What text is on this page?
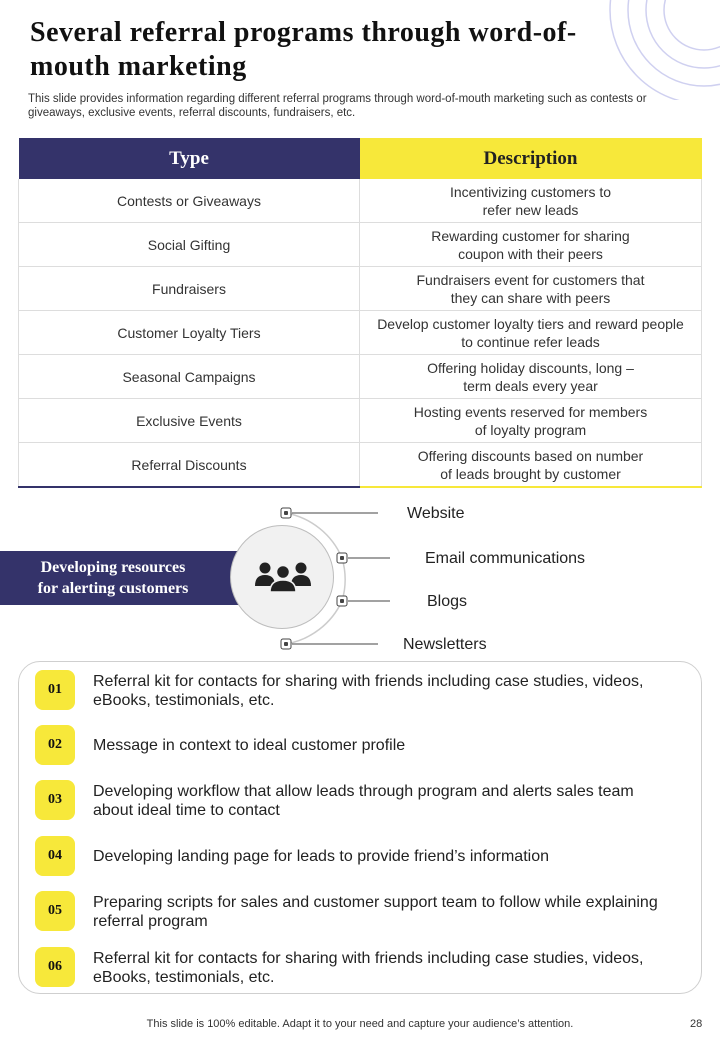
Several referral programs through word-of-mouth marketing
This slide provides information regarding different referral programs through word-of-mouth marketing such as contests or giveaways, exclusive events, referral discounts, fundraisers, etc.
Type	Description
Contests or Giveaways	Incentivizing customers to
refer new leads

Social Gifting	Rewarding customer for sharing
coupon with their peers

Fundraisers	Fundraisers event for customers that
they can share with peers

Customer Loyalty Tiers	Develop customer loyalty tiers and reward people
to continue refer leads

Seasonal Campaigns	Offering holiday discounts, long –
term deals every year

Exclusive Events	Hosting events reserved for members
of loyalty program

Referral Discounts	Offering discounts based on number
of leads brought by customer
Developing resources
for alerting customers
Website
Email communications
Blogs
Newsletters
01	Referral kit for contacts for sharing with friends including case studies, videos, eBooks, testimonials, etc.
02	Message in context to ideal customer profile
03	Developing workflow that allow leads through program and alerts sales team about ideal time to contact
04	Developing landing page for leads to provide friend’s information
05	Preparing scripts for sales and customer support team to follow while explaining referral program
06	Referral kit for contacts for sharing with friends including case studies, videos, eBooks, testimonials, etc.
This slide is 100% editable. Adapt it to your need and capture your audience’s attention.	28
